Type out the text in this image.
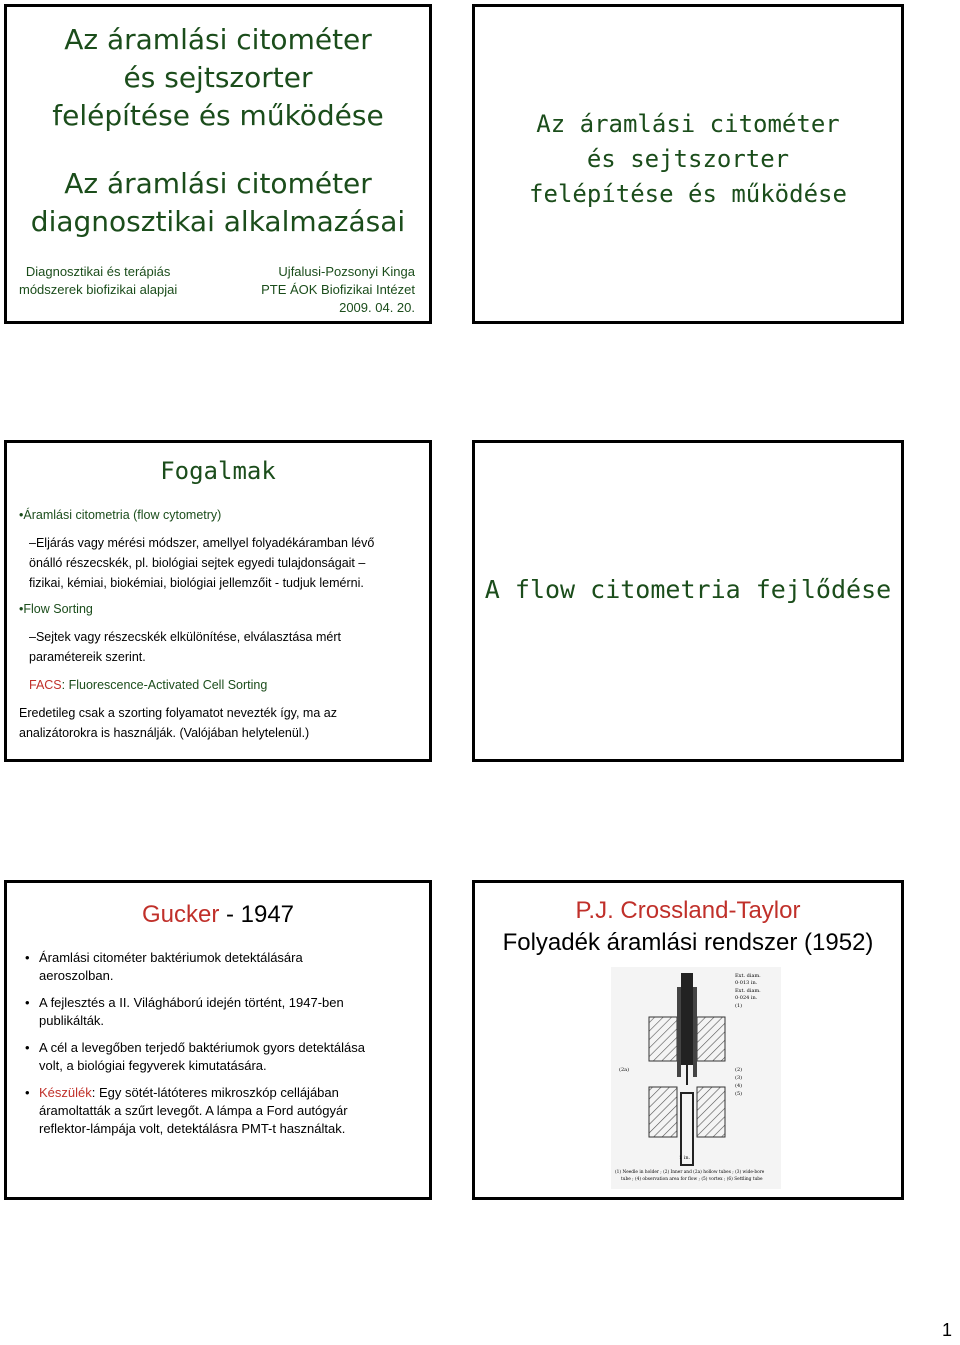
Az áramlási citométer
és sejtszorter
felépítése és működése
Az áramlási citométer
diagnosztikai alkalmazásai
Diagnosztikai és terápiás
módszerek biofizikai alapjai
Ujfalusi-Pozsonyi Kinga
PTE ÁOK Biofizikai Intézet
2009. 04. 20.
Az áramlási citométer
és sejtszorter
felépítése és működése
Fogalmak

•Áramlási citometria (flow cytometry)

–Eljárás vagy mérési módszer, amellyel folyadékáramban lévő

önálló részecskék, pl. biológiai sejtek egyedi tulajdonságait –

fizikai, kémiai, biokémiai, biológiai jellemzőit - tudjuk lemérni.

•Flow Sorting

–Sejtek vagy részecskék elkülönítése, elválasztása mért

paramétereik szerint.

FACS: Fluorescence-Activated Cell Sorting

Eredetileg csak a szorting folyamatot nevezték így, ma az

analizátorokra is használják. (Valójában helytelenül.)

A flow citometria fejlődése
Gucker - 1947
• Áramlási citométer baktériumok detektálására

aeroszolban.

• A fejlesztés a II. Világháború idején történt, 1947-ben

publikálták.

• A cél a levegőben terjedő baktériumok gyors detektálása

volt, a biológiai fegyverek kimutatására.

• Készülék: Egy sötét-látóteres mikroszkóp cellájában

áramoltatták a szűrt levegőt. A lámpa a Ford autógyár

reflektor-lámpája volt, detektálásra PMT-t használtak.

P.J. Crossland-Taylor
Folyadék áramlási rendszer (1952)
Ext. diam.
0·013 in.
Ext. diam.
0·024 in.
(1)
(2a)	(2)
(3)
(4)
(5)
1 in.
(1) Needle in holder ; (2) Inner and (2a) hollow tubes ; (3) wide-bore
tube ; (4) observation area for flow ; (5) vortex ; (6) Settling tube
1
